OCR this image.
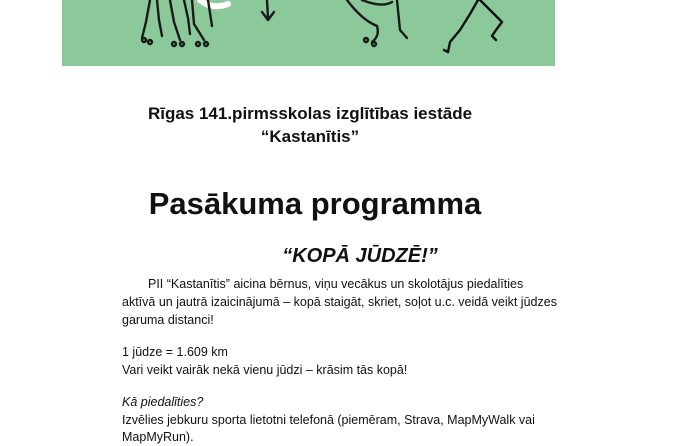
Rīgas 141.pirmsskolas izglītības iestāde
“Kastanītis”
Pasākuma programma
“KOPĀ JŪDZĒ!”
PII “Kastanītis” aicina bērnus, viņu vecākus un skolotājus piedalīties
aktīvā un jautrā izaicinājumā – kopā staigāt, skriet, soļot u.c. veidā veikt jūdzes
garuma distanci!
1 jūdze = 1.609 km
Vari veikt vairāk nekā vienu jūdzi – krāsim tās kopā!
Kā piedalīties?
Izvēlies jebkuru sporta lietotni telefonā (piemēram, Strava, MapMyWalk vai
MapMyRun).
